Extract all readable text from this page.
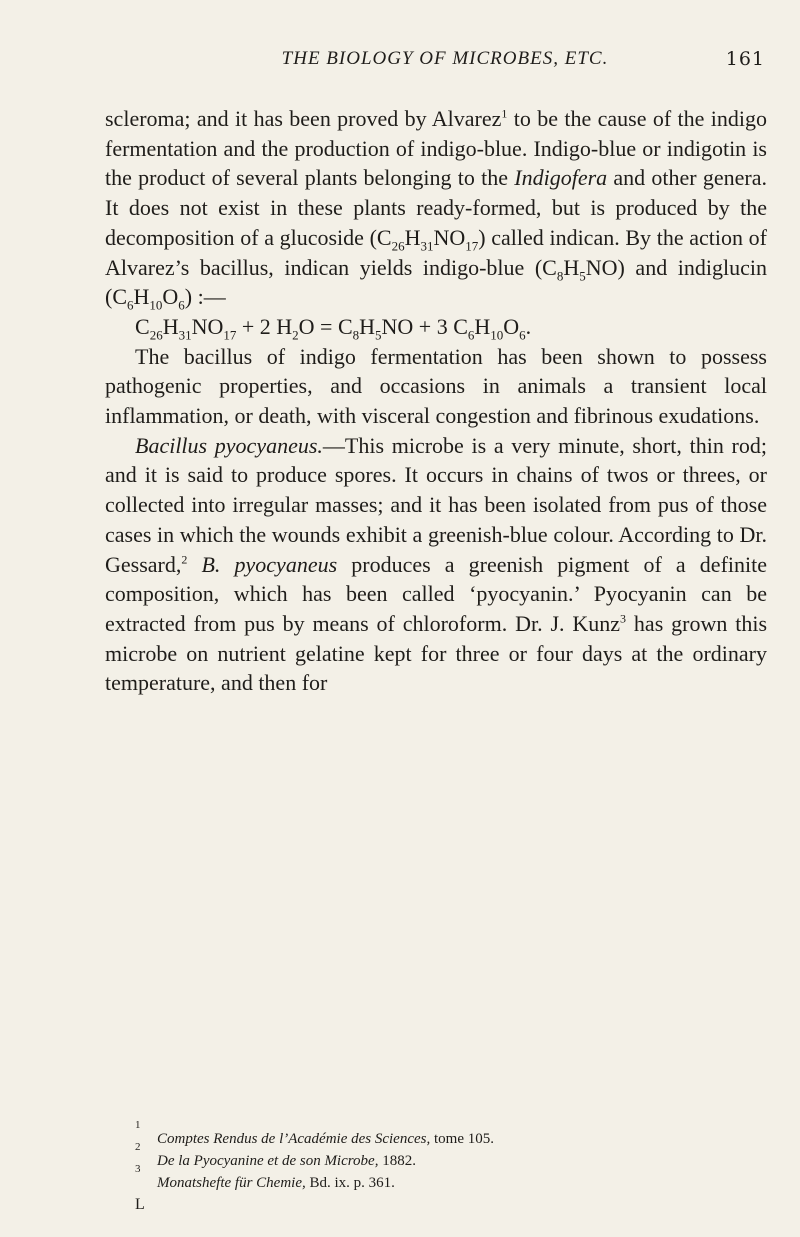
THE BIOLOGY OF MICROBES, ETC.	161

scleroma; and it has been proved by Alvarez$^1$ to be the cause of the indigo fermentation and the production of indigo-blue. Indigo-blue or indigotin is the product of several plants belonging to the Indigofera and other genera. It does not exist in these plants ready-formed, but is produced by the decomposition of a glucoside $(C_{26}H_{31}NO_{17})$ called indican. By the action of Alvarez’s bacillus, indican yields indigo-blue $(C_8H_5NO)$ and indiglucin $(C_6H_{10}O_6)$ :—

$C_{26}H_{31}NO_{17} + 2$ $H_2O = C_8H_5NO + 3$ $C_6H_{10}O_6$.

The bacillus of indigo fermentation has been shown to possess pathogenic properties, and occasions in animals a transient local inflammation, or death, with visceral congestion and fibrinous exudations.

Bacillus pyocyaneus.—This microbe is a very minute, short, thin rod; and it is said to produce spores. It occurs in chains of twos or threes, or collected into irregular masses; and it has been isolated from pus of those cases in which the wounds exhibit a greenish-blue colour. According to Dr. Gessard,$^2$ B. pyocyaneus produces a greenish pigment of a definite composition, which has been called ‘pyocyanin.’ Pyocyanin can be extracted from pus by means of chloroform. Dr. J. Kunz$^3$ has grown this microbe on nutrient gelatine kept for three or four days at the ordinary temperature, and then for

1
Comptes Rendus de l’Académie des Sciences, tome 105.
2
De la Pyocyanine et de son Microbe, 1882.
3
Monatshefte für Chemie, Bd. ix. p. 361.
L
